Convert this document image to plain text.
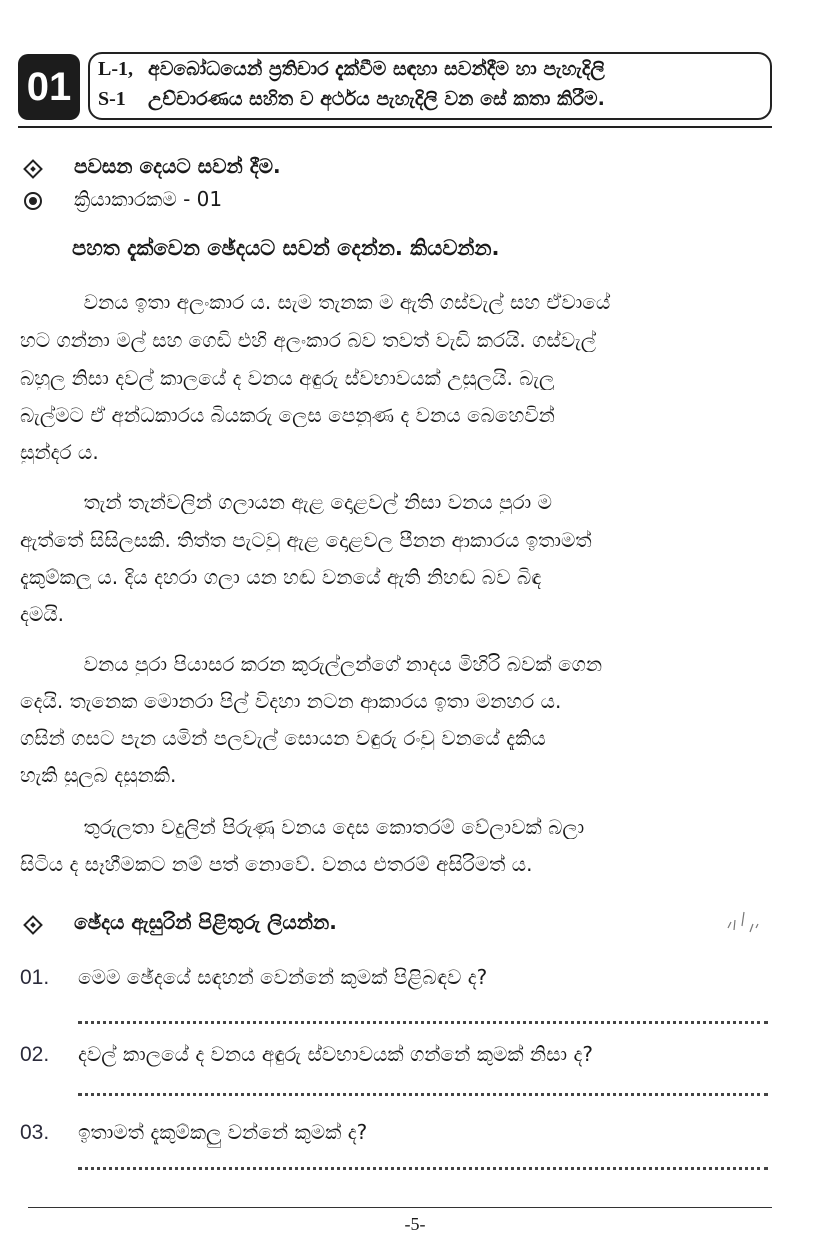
01	L-1, අවබෝධයෙන් ප්‍රතිචාර දැක්වීම සඳහා සවන්දීම හා පැහැදිලි
S-1 උච්චාරණය සහිත ව අර්ථය පැහැදිලි වන සේ කතා කිරීම.
පවසන දෙයට සවන් දීම.
ක්‍රියාකාරකම - 01
පහත දැක්වෙන ඡේදයට සවන් දෙන්න. කියවන්න.
වනය ඉතා අලංකාර ය. සැම තැනක ම ඇති ගස්වැල් සහ ඒවායේ
හට ගන්නා මල් සහ ගෙඩි එහි අලංකාර බව තවත් වැඩි කරයි. ගස්වැල්
බහුල නිසා දවල් කාලයේ ද වනය අඳුරු ස්වභාවයක් උසුලයි. බැලූ
බැල්මට ඒ අන්ධකාරය බියකරු ලෙස පෙනුණ ද වනය බෙහෙවින්
සුන්දර ය.
තැන් තැන්වලින් ගලායන ඇළ දොළවල් නිසා වනය පුරා ම
ඇත්තේ සිසිලසකි. තිත්ත පැටවු ඇළ දොළවල පීනන ආකාරය ඉතාමත්
දැකුම්කලු ය. දිය දහරා ගලා යන හඬ වනයේ ඇති නිහඬ බව බිඳ
දමයි.
වනය පුරා පියාසර කරන කුරුල්ලන්ගේ නාදය මිහිරි බවක් ගෙන
දෙයි. තැනෙක මොනරා පිල් විදහා නටන ආකාරය ඉතා මනහර ය.
ගසින් ගසට පැන යමින් පලවැල් සොයන වඳුරු රංචු වනයේ දැකිය
හැකි සුලබ දසුනකි.
තුරුලතා වදුලින් පිරුණු වනය දෙස කොතරම් වේලාවක් බලා
සිටිය ද සෑහීමකට නම් පත් නොවේ. වනය එතරම් අසිරිමත් ය.
ඡේදය ඇසුරින් පිළිතුරු ලියන්න.
01. මෙම ඡේදයේ සඳහන් වෙන්නේ කුමක් පිළිබඳව ද?
02. දවල් කාලයේ ද වනය අඳුරු ස්වභාවයක් ගන්නේ කුමක් නිසා ද?
03. ඉතාමත් දැකුම්කලු වන්නේ කුමක් ද?
-5-
